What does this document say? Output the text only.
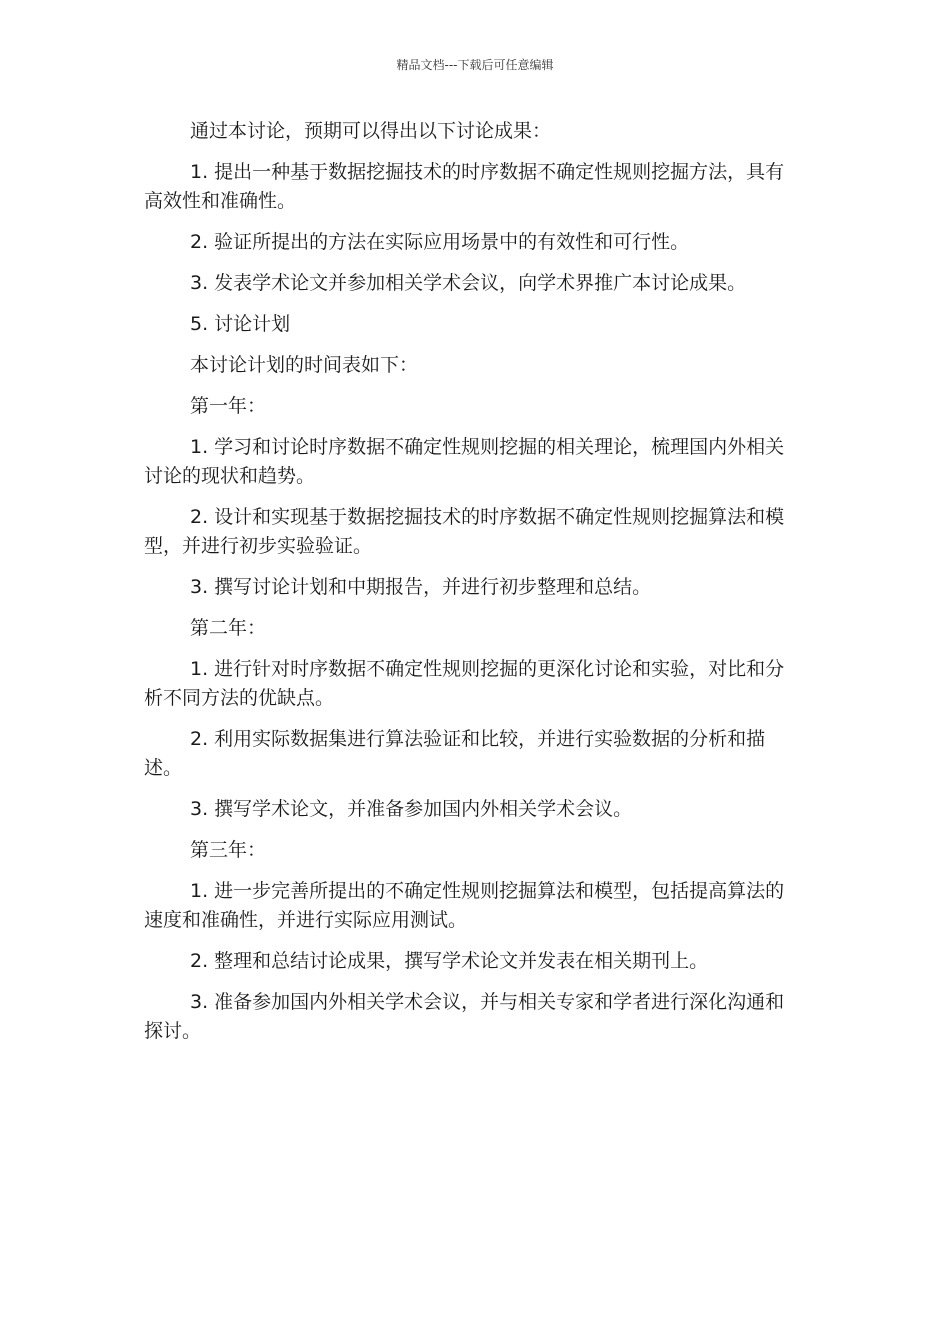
精品文档---下载后可任意编辑

通过本讨论，预期可以得出以下讨论成果：

1. 提出一种基于数据挖掘技术的时序数据不确定性规则挖掘方法，具有高效性和准确性。

2. 验证所提出的方法在实际应用场景中的有效性和可行性。

3. 发表学术论文并参加相关学术会议，向学术界推广本讨论成果。

5. 讨论计划

本讨论计划的时间表如下：

第一年：

1. 学习和讨论时序数据不确定性规则挖掘的相关理论，梳理国内外相关讨论的现状和趋势。

2. 设计和实现基于数据挖掘技术的时序数据不确定性规则挖掘算法和模型，并进行初步实验验证。

3. 撰写讨论计划和中期报告，并进行初步整理和总结。

第二年：

1. 进行针对时序数据不确定性规则挖掘的更深化讨论和实验，对比和分析不同方法的优缺点。

2. 利用实际数据集进行算法验证和比较，并进行实验数据的分析和描述。

3. 撰写学术论文，并准备参加国内外相关学术会议。

第三年：

1. 进一步完善所提出的不确定性规则挖掘算法和模型，包括提高算法的速度和准确性，并进行实际应用测试。

2. 整理和总结讨论成果，撰写学术论文并发表在相关期刊上。

3. 准备参加国内外相关学术会议，并与相关专家和学者进行深化沟通和探讨。
